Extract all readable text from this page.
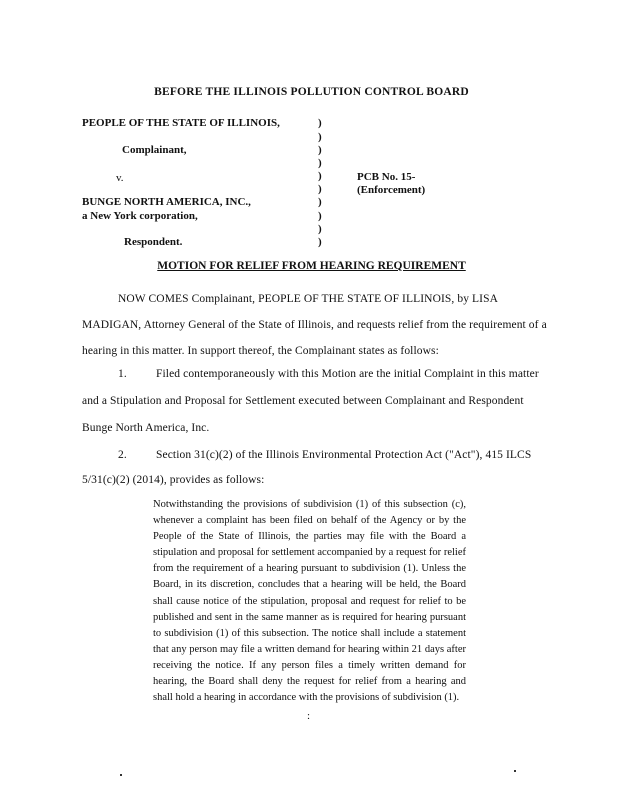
BEFORE THE ILLINOIS POLLUTION CONTROL BOARD
PEOPLE OF THE STATE OF ILLINOIS,
Complainant,
v.
BUNGE NORTH AMERICA, INC.,
a New York corporation,
Respondent.
)
)
)
)
)
)
)
)
)
)
PCB No. 15-
(Enforcement)
MOTION FOR RELIEF FROM HEARING REQUIREMENT
NOW COMES Complainant, PEOPLE OF THE STATE OF ILLINOIS, by LISA
MADIGAN, Attorney General of the State of Illinois, and requests relief from the requirement of a
hearing in this matter. In support thereof, the Complainant states as follows:
1.	Filed contemporaneously with this Motion are the initial Complaint in this matter
and a Stipulation and Proposal for Settlement executed between Complainant and Respondent
Bunge North America, Inc.
2.	Section 31(c)(2) of the Illinois Environmental Protection Act ("Act"), 415 ILCS
5/31(c)(2) (2014), provides as follows:
Notwithstanding the provisions of subdivision (1) of this subsection (c), whenever a complaint has been filed on behalf of the Agency or by the People of the State of Illinois, the parties may file with the Board a stipulation and proposal for settlement accompanied by a request for relief from the requirement of a hearing pursuant to subdivision (1). Unless the Board, in its discretion, concludes that a hearing will be held, the Board shall cause notice of the stipulation, proposal and request for relief to be published and sent in the same manner as is required for hearing pursuant to subdivision (1) of this subsection. The notice shall include a statement that any person may file a written demand for hearing within 21 days after receiving the notice. If any person files a timely written demand for hearing, the Board shall deny the request for relief from a hearing and shall hold a hearing in accordance with the provisions of subdivision (1).
:
